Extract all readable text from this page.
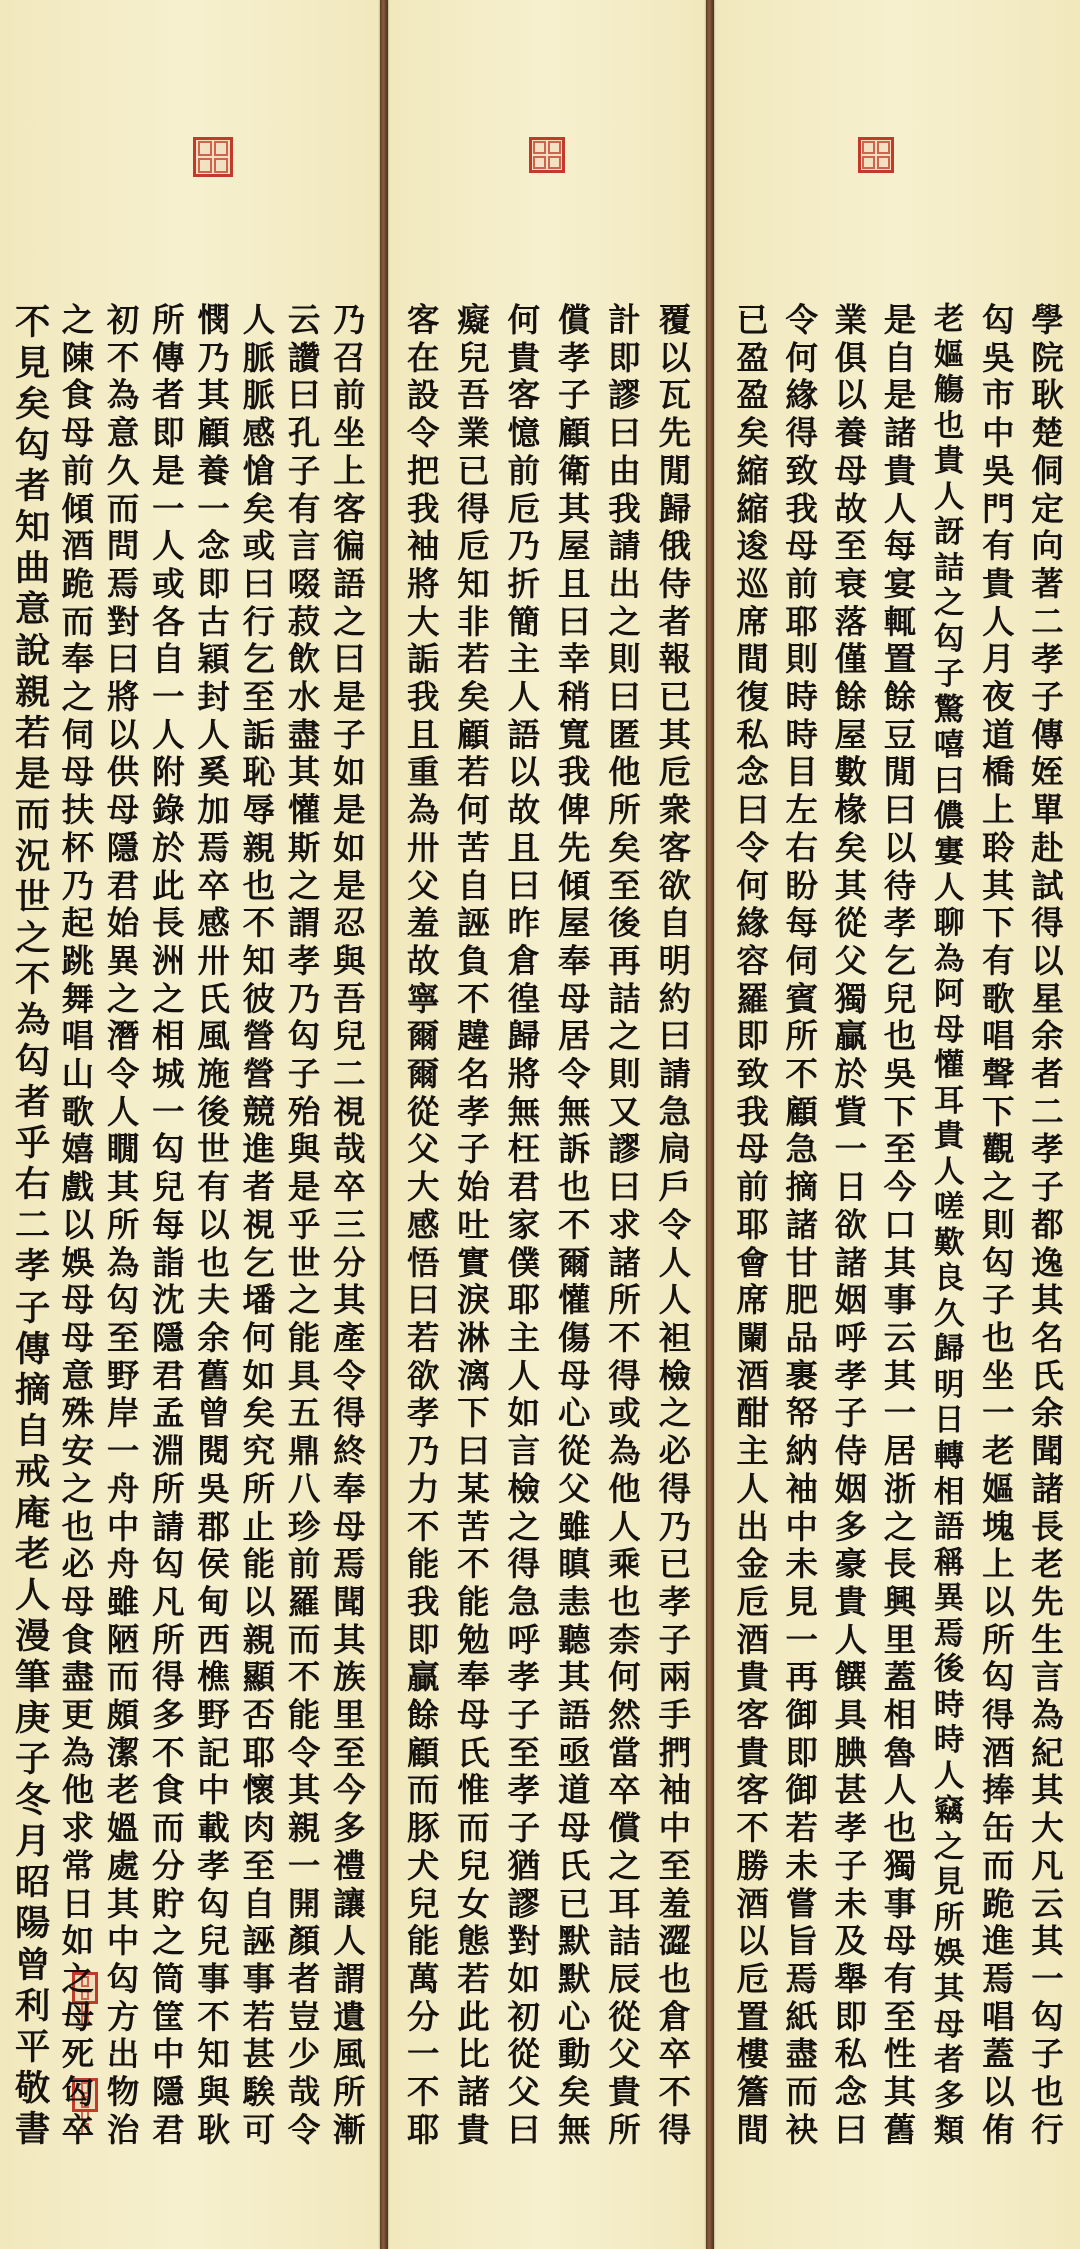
學
院
耿
楚
侗
定
向
著
二
孝
子
傳
姪
單
赴
試
得
以
星
余
者
二
孝
子
都
逸
其
名
氏
余
聞
諸
長
老
先
生
言
為
紀
其
大
凡
云
其
一
匃
子
也
行
匃
吳
市
中
吳
門
有
貴
人
月
夜
道
橋
上
聆
其
下
有
歌
唱
聲
下
觀
之
則
匃
子
也
坐
一
老
嫗
塊
上
以
所
匃
得
酒
捧
缶
而
跪
進
焉
唱
蓋
以
侑
老
嫗
觴
也
貴
人
訝
詰
之
匃
子
驚
嘻
曰
儂
寠
人
聊
為
阿
母
懽
耳
貴
人
嗟
歎
良
久
歸
明
日
轉
相
語
稱
異
焉
後
時
時
人
竊
之
見
所
娛
其
母
者
多
類
是
自
是
諸
貴
人
每
宴
輒
置
餘
豆
閒
曰
以
待
孝
乞
兒
也
吳
下
至
今
口
其
事
云
其
一
居
浙
之
長
興
里
蓋
相
魯
人
也
獨
事
母
有
至
性
其
舊
業
俱
以
養
母
故
至
衰
落
僅
餘
屋
數
椽
矣
其
從
父
獨
贏
於
貲
一
日
欲
諸
姻
呼
孝
子
侍
姻
多
豪
貴
人
饌
具
腆
甚
孝
子
未
及
舉
即
私
念
曰
令
何
緣
得
致
我
母
前
耶
則
時
時
目
左
右
盼
每
伺
賓
所
不
顧
急
摘
諸
甘
肥
品
裹
帑
納
袖
中
未
見
一
再
御
即
御
若
未
嘗
旨
焉
紙
盡
而
袂
已
盈
盈
矣
縮
縮
逡
巡
席
間
復
私
念
曰
令
何
緣
容
羅
即
致
我
母
前
耶
會
席
闌
酒
酣
主
人
出
金
卮
酒
貴
客
貴
客
不
勝
酒
以
卮
置
樓
簷
間
覆
以
瓦
先
閒
歸
俄
侍
者
報
已
其
卮
衆
客
欲
自
明
約
曰
請
急
扃
戶
令
人
人
袒
檢
之
必
得
乃
已
孝
子
兩
手
捫
袖
中
至
羞
澀
也
倉
卒
不
得
計
即
謬
曰
由
我
請
出
之
則
曰
匿
他
所
矣
至
後
再
詰
之
則
又
謬
曰
求
諸
所
不
得
或
為
他
人
乘
也
柰
何
然
當
卒
償
之
耳
詰
辰
從
父
貴
所
償
孝
子
顧
衛
其
屋
且
曰
幸
稍
寬
我
俾
先
傾
屋
奉
母
居
令
無
訴
也
不
爾
懽
傷
母
心
從
父
雖
瞋
恚
聽
其
語
亟
道
母
氏
已
默
默
心
動
矣
無
何
貴
客
憶
前
卮
乃
折
簡
主
人
語
以
故
且
曰
昨
倉
徨
歸
將
無
枉
君
家
僕
耶
主
人
如
言
檢
之
得
急
呼
孝
子
至
孝
子
猶
謬
對
如
初
從
父
曰
癡
兒
吾
業
已
得
卮
知
非
若
矣
顧
若
何
苦
自
誣
負
不
韙
名
孝
子
始
吐
實
淚
淋
漓
下
曰
某
苦
不
能
勉
奉
母
氏
惟
而
兒
女
態
若
此
比
諸
貴
客
在
設
令
把
我
袖
將
大
詬
我
且
重
為
卅
父
羞
故
寧
爾
爾
從
父
大
感
悟
曰
若
欲
孝
乃
力
不
能
我
即
贏
餘
顧
而
豚
犬
兒
能
萬
分
一
不
耶
乃
召
前
坐
上
客
徧
語
之
曰
是
子
如
是
如
是
忍
與
吾
兒
二
視
哉
卒
三
分
其
產
令
得
終
奉
母
焉
聞
其
族
里
至
今
多
禮
讓
人
謂
遺
風
所
漸
云
讚
曰
孔
子
有
言
啜
菽
飲
水
盡
其
懽
斯
之
謂
孝
乃
匃
子
殆
與
是
乎
世
之
能
具
五
鼎
八
珍
前
羅
而
不
能
令
其
親
一
開
顏
者
豈
少
哉
令
人
脈
脈
感
愴
矣
或
曰
行
乞
至
詬
恥
辱
親
也
不
知
彼
營
營
競
進
者
視
乞
墦
何
如
矣
究
所
止
能
以
親
顯
否
耶
懷
肉
至
自
誣
事
若
甚
騃
可
憫
乃
其
顧
養
一
念
即
古
穎
封
人
奚
加
焉
卒
感
卅
氏
風
施
後
世
有
以
也
夫
余
舊
曾
閱
吳
郡
侯
甸
西
樵
野
記
中
載
孝
匃
兒
事
不
知
與
耿
所
傳
者
即
是
一
人
或
各
自
一
人
附
錄
於
此
長
洲
之
相
城
一
匃
兒
每
詣
沈
隱
君
孟
淵
所
請
匃
凡
所
得
多
不
食
而
分
貯
之
筒
筐
中
隱
君
初
不
為
意
久
而
問
焉
對
曰
將
以
供
母
隱
君
始
異
之
潛
令
人
瞯
其
所
為
匃
至
野
岸
一
舟
中
舟
雖
陋
而
頗
潔
老
媼
處
其
中
匃
方
出
物
治
之
陳
食
母
前
傾
酒
跪
而
奉
之
伺
母
扶
杯
乃
起
跳
舞
唱
山
歌
嬉
戲
以
娛
母
母
意
殊
安
之
也
必
母
食
盡
更
為
他
求
常
日
如
之
母
死
匃
卒
不
見
矣
匃
者
知
曲
意
說
親
若
是
而
況
世
之
不
為
匃
者
乎
右
二
孝
子
傳
摘
自
戒
庵
老
人
漫
筆
庚
子
冬
月
昭
陽
曾
利
平
敬
書
